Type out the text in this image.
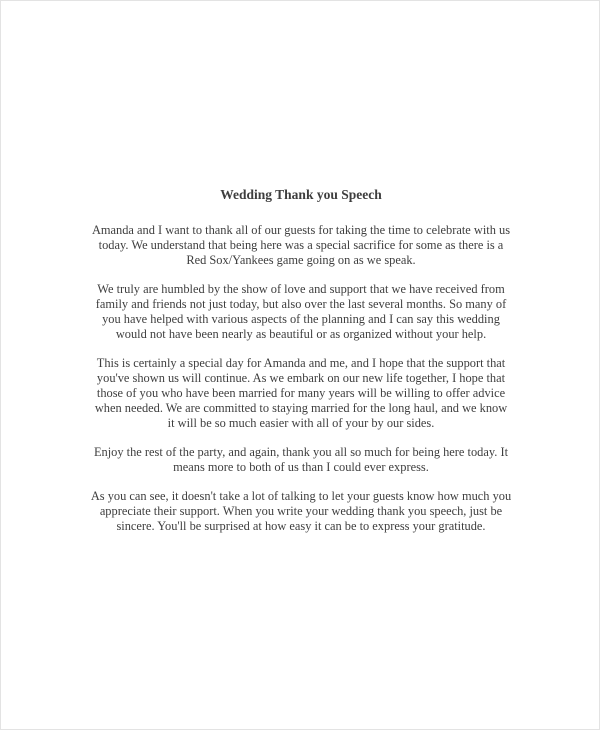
Wedding Thank you Speech
Amanda and I want to thank all of our guests for taking the time to celebrate with us
today. We understand that being here was a special sacrifice for some as there is a
Red Sox/Yankees game going on as we speak.
We truly are humbled by the show of love and support that we have received from
family and friends not just today, but also over the last several months. So many of
you have helped with various aspects of the planning and I can say this wedding
would not have been nearly as beautiful or as organized without your help.
This is certainly a special day for Amanda and me, and I hope that the support that
you've shown us will continue. As we embark on our new life together, I hope that
those of you who have been married for many years will be willing to offer advice
when needed. We are committed to staying married for the long haul, and we know
it will be so much easier with all of your by our sides.
Enjoy the rest of the party, and again, thank you all so much for being here today. It
means more to both of us than I could ever express.
As you can see, it doesn't take a lot of talking to let your guests know how much you
appreciate their support. When you write your wedding thank you speech, just be
sincere. You'll be surprised at how easy it can be to express your gratitude.
